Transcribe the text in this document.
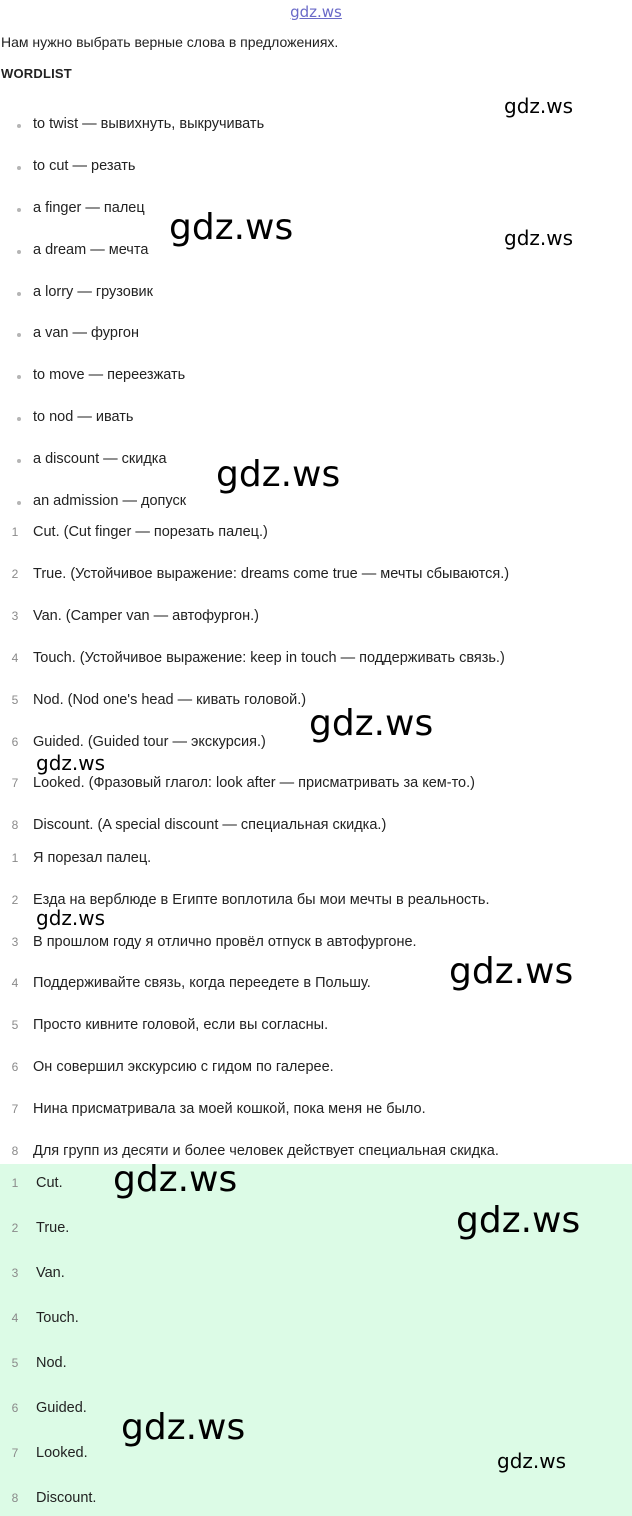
gdz.ws
Нам нужно выбрать верные слова в предложениях.
WORDLIST
to twist — вывихнуть, выкручивать
to cut — резать
a finger — палец
a dream — мечта
a lorry — грузовик
a van — фургон
to move — переезжать
to nod — ивать
a discount — скидка
an admission — допуск
1	Cut. (Cut finger — порезать палец.)
2	True. (Устойчивое выражение: dreams come true — мечты сбываются.)
3	Van. (Camper van — автофургон.)
4	Touch. (Устойчивое выражение: keep in touch — поддерживать связь.)
5	Nod. (Nod one's head — кивать головой.)
6	Guided. (Guided tour — экскурсия.)
7	Looked. (Фразовый глагол: look after — присматривать за кем-то.)
8	Discount. (A special discount — специальная скидка.)
1	Я порезал палец.
2	Езда на верблюде в Египте воплотила бы мои мечты в реальность.
3	В прошлом году я отлично провёл отпуск в автофургоне.
4	Поддерживайте связь, когда переедете в Польшу.
5	Просто кивните головой, если вы согласны.
6	Он совершил экскурсию с гидом по галерее.
7	Нина присматривала за моей кошкой, пока меня не было.
8	Для групп из десяти и более человек действует специальная скидка.
1	Cut.
2	True.
3	Van.
4	Touch.
5	Nod.
6	Guided.
7	Looked.
8	Discount.
gdz.ws
gdz.ws	gdz.ws
gdz.ws
gdz.ws
gdz.ws
gdz.ws
gdz.ws
gdz.ws
gdz.ws
gdz.ws
gdz.ws
